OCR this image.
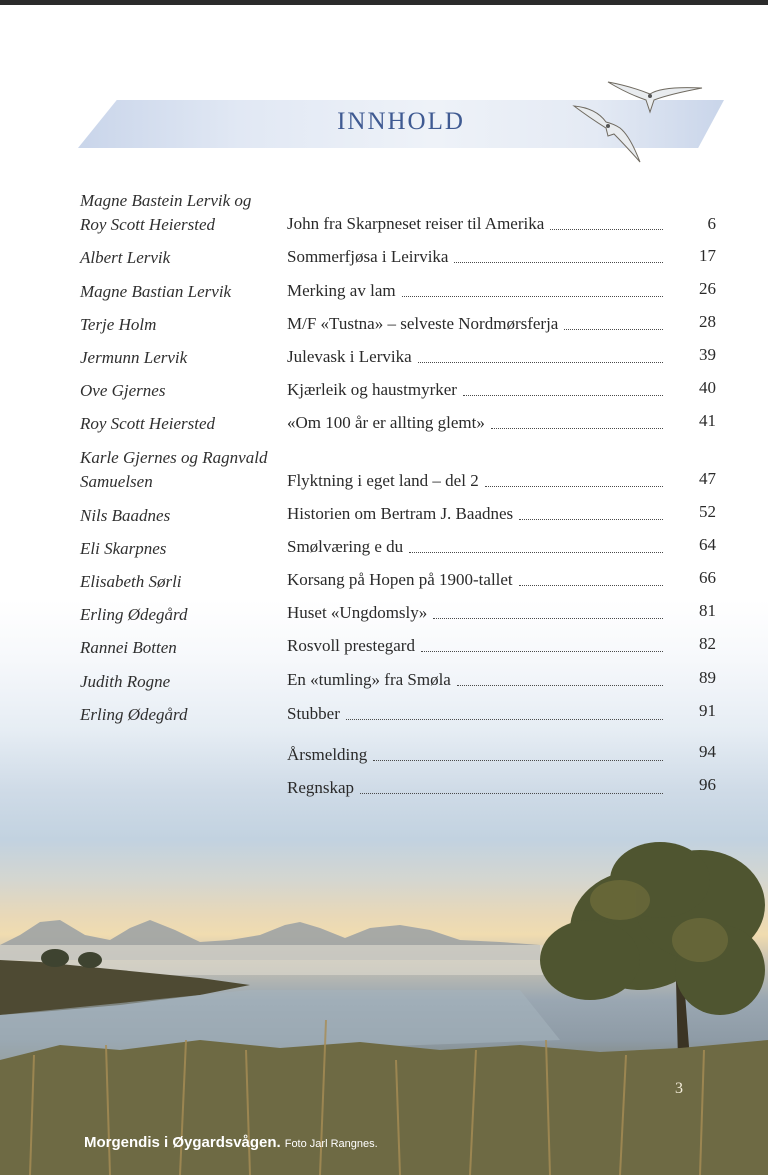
INNHOLD
Magne Bastein Lervik og Roy Scott Heiersted	John fra Skarpneset reiser til Amerika	6
Albert Lervik	Sommerfjøsa i Leirvika	17
Magne Bastian Lervik	Merking av lam	26
Terje Holm	M/F «Tustna» – selveste Nordmørsferja	28
Jermunn Lervik	Julevask i Lervika	39
Ove Gjernes	Kjærleik og haustmyrker	40
Roy Scott Heiersted	«Om 100 år er allting glemt»	41
Karle Gjernes og Ragnvald Samuelsen	Flyktning i eget land – del 2	47
Nils Baadnes	Historien om Bertram J. Baadnes	52
Eli Skarpnes	Smølværing e du	64
Elisabeth Sørli	Korsang på Hopen på 1900-tallet	66
Erling Ødegård	Huset «Ungdomsly»	81
Rannei Botten	Rosvoll prestegard	82
Judith Rogne	En «tumling» fra Smøla	89
Erling Ødegård	Stubber	91
Årsmelding	94
Regnskap	96
3
Morgendis i Øygardsvågen. Foto Jarl Rangnes.
